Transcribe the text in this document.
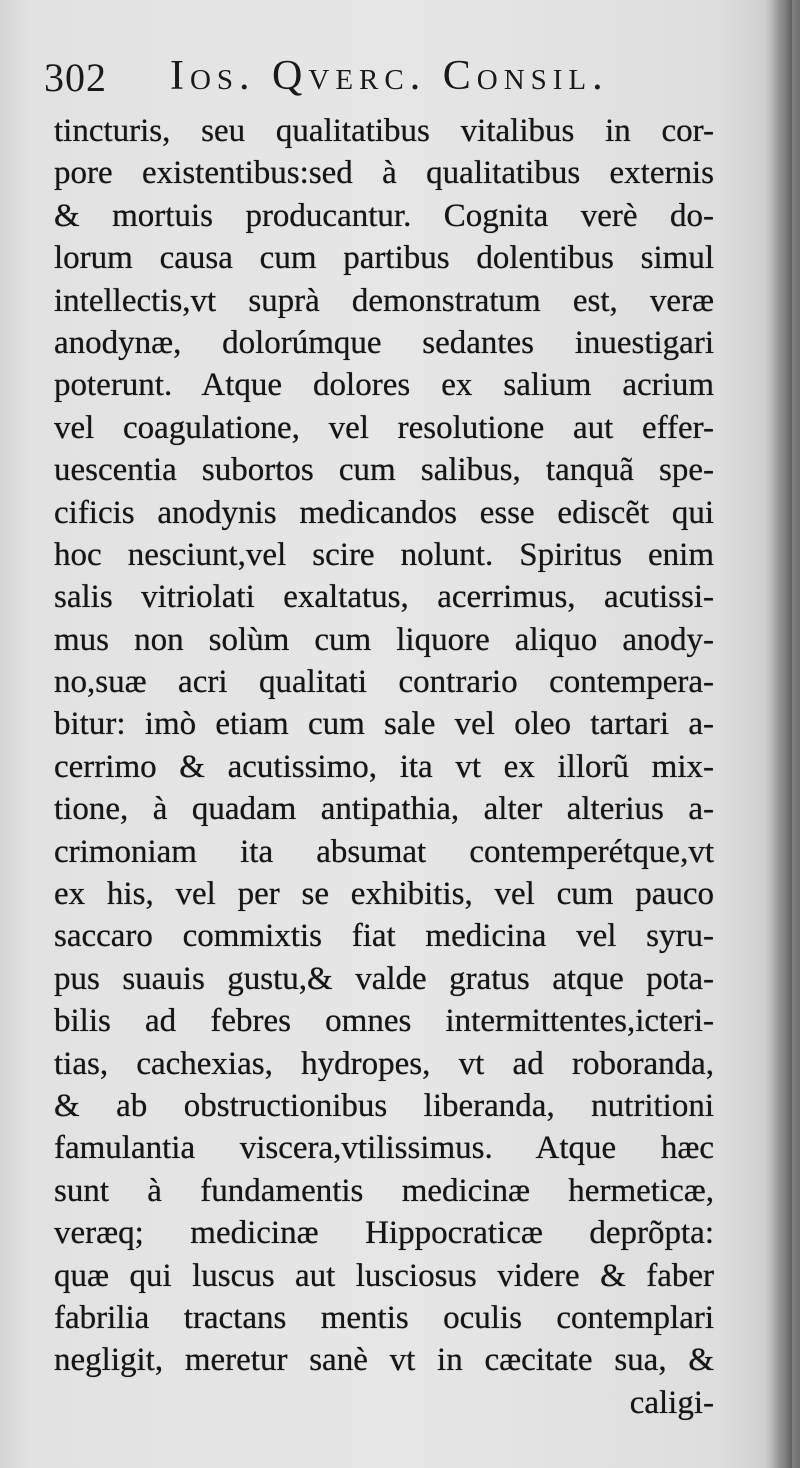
302 Ios. Qverc. Consil.
tincturis, seu qualitatibus vitalibus in cor-
pore existentibus:sed à qualitatibus externis
& mortuis producantur. Cognita verè do-
lorum causa cum partibus dolentibus simul
intellectis,vt suprà demonstratum est, veræ
anodynæ, dolorúmque sedantes inuestigari
poterunt. Atque dolores ex salium acrium
vel coagulatione, vel resolutione aut effer-
uescentia subortos cum salibus, tanquã spe-
cificis anodynis medicandos esse ediscẽt qui
hoc nesciunt,vel scire nolunt. Spiritus enim
salis vitriolati exaltatus, acerrimus, acutissi-
mus non solùm cum liquore aliquo anody-
no,suæ acri qualitati contrario contempera-
bitur: imò etiam cum sale vel oleo tartari a-
cerrimo & acutissimo, ita vt ex illorũ mix-
tione, à quadam antipathia, alter alterius a-
crimoniam ita absumat contemperétque,vt
ex his, vel per se exhibitis, vel cum pauco
saccaro commixtis fiat medicina vel syru-
pus suauis gustu,& valde gratus atque pota-
bilis ad febres omnes intermittentes,icteri-
tias, cachexias, hydropes, vt ad roboranda,
& ab obstructionibus liberanda, nutritioni
famulantia viscera,vtilissimus. Atque hæc
sunt à fundamentis medicinæ hermeticæ,
veræq; medicinæ Hippocraticæ deprõpta:
quæ qui luscus aut lusciosus videre & faber
fabrilia tractans mentis oculis contemplari
negligit, meretur sanè vt in cæcitate sua, &
caligi-
